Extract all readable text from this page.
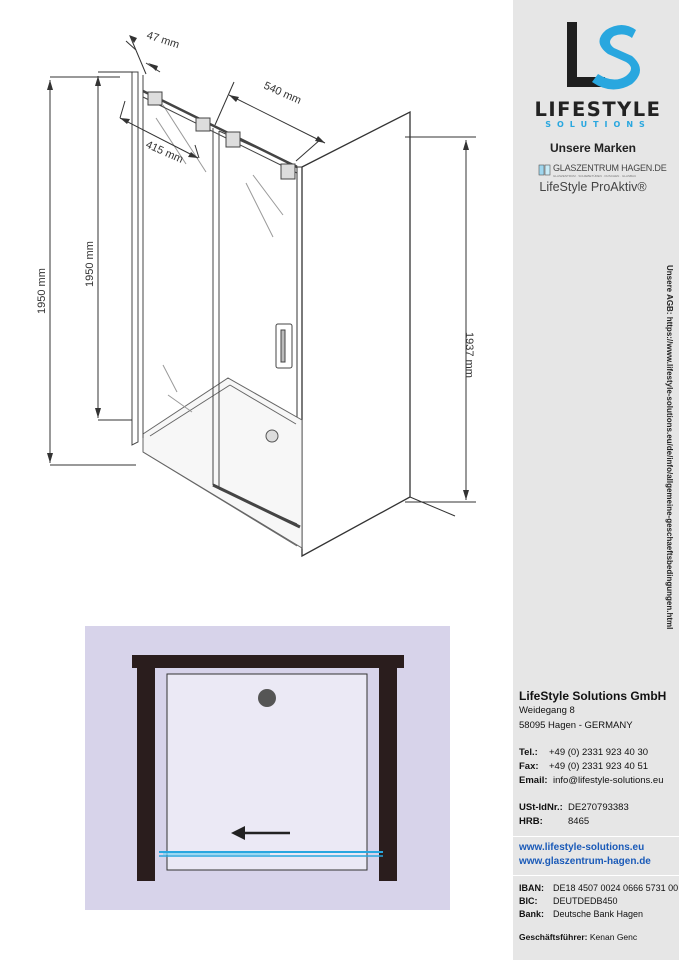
47 mm
540 mm
415 mm
1950 mm
1950 mm
1937 mm
LIFESTYLE
SOLUTIONS
Unsere Marken
GLASZENTRUM HAGEN.DE
GLASZENTRUM · SCHIEBETÜREN · DUSCHEN · GLASBAU
LifeStyle ProAktiv®
Unsere AGB: https://www.lifestyle-solutions.eu/de/info/allgemeine-geschaeftsbedingungen.html
LifeStyle Solutions GmbH
Weidegang 8
58095 Hagen - GERMANY
Tel.: +49 (0) 2331 923 40 30
Fax: +49 (0) 2331 923 40 51
Email: info@lifestyle-solutions.eu
USt-IdNr.: DE270793383
HRB:	8465
www.lifestyle-solutions.eu
www.glaszentrum-hagen.de
IBAN: DE18 4507 0024 0666 5731 00
BIC: DEUTDEDB450
Bank: Deutsche Bank Hagen
Geschäftsführer: Kenan Genc
